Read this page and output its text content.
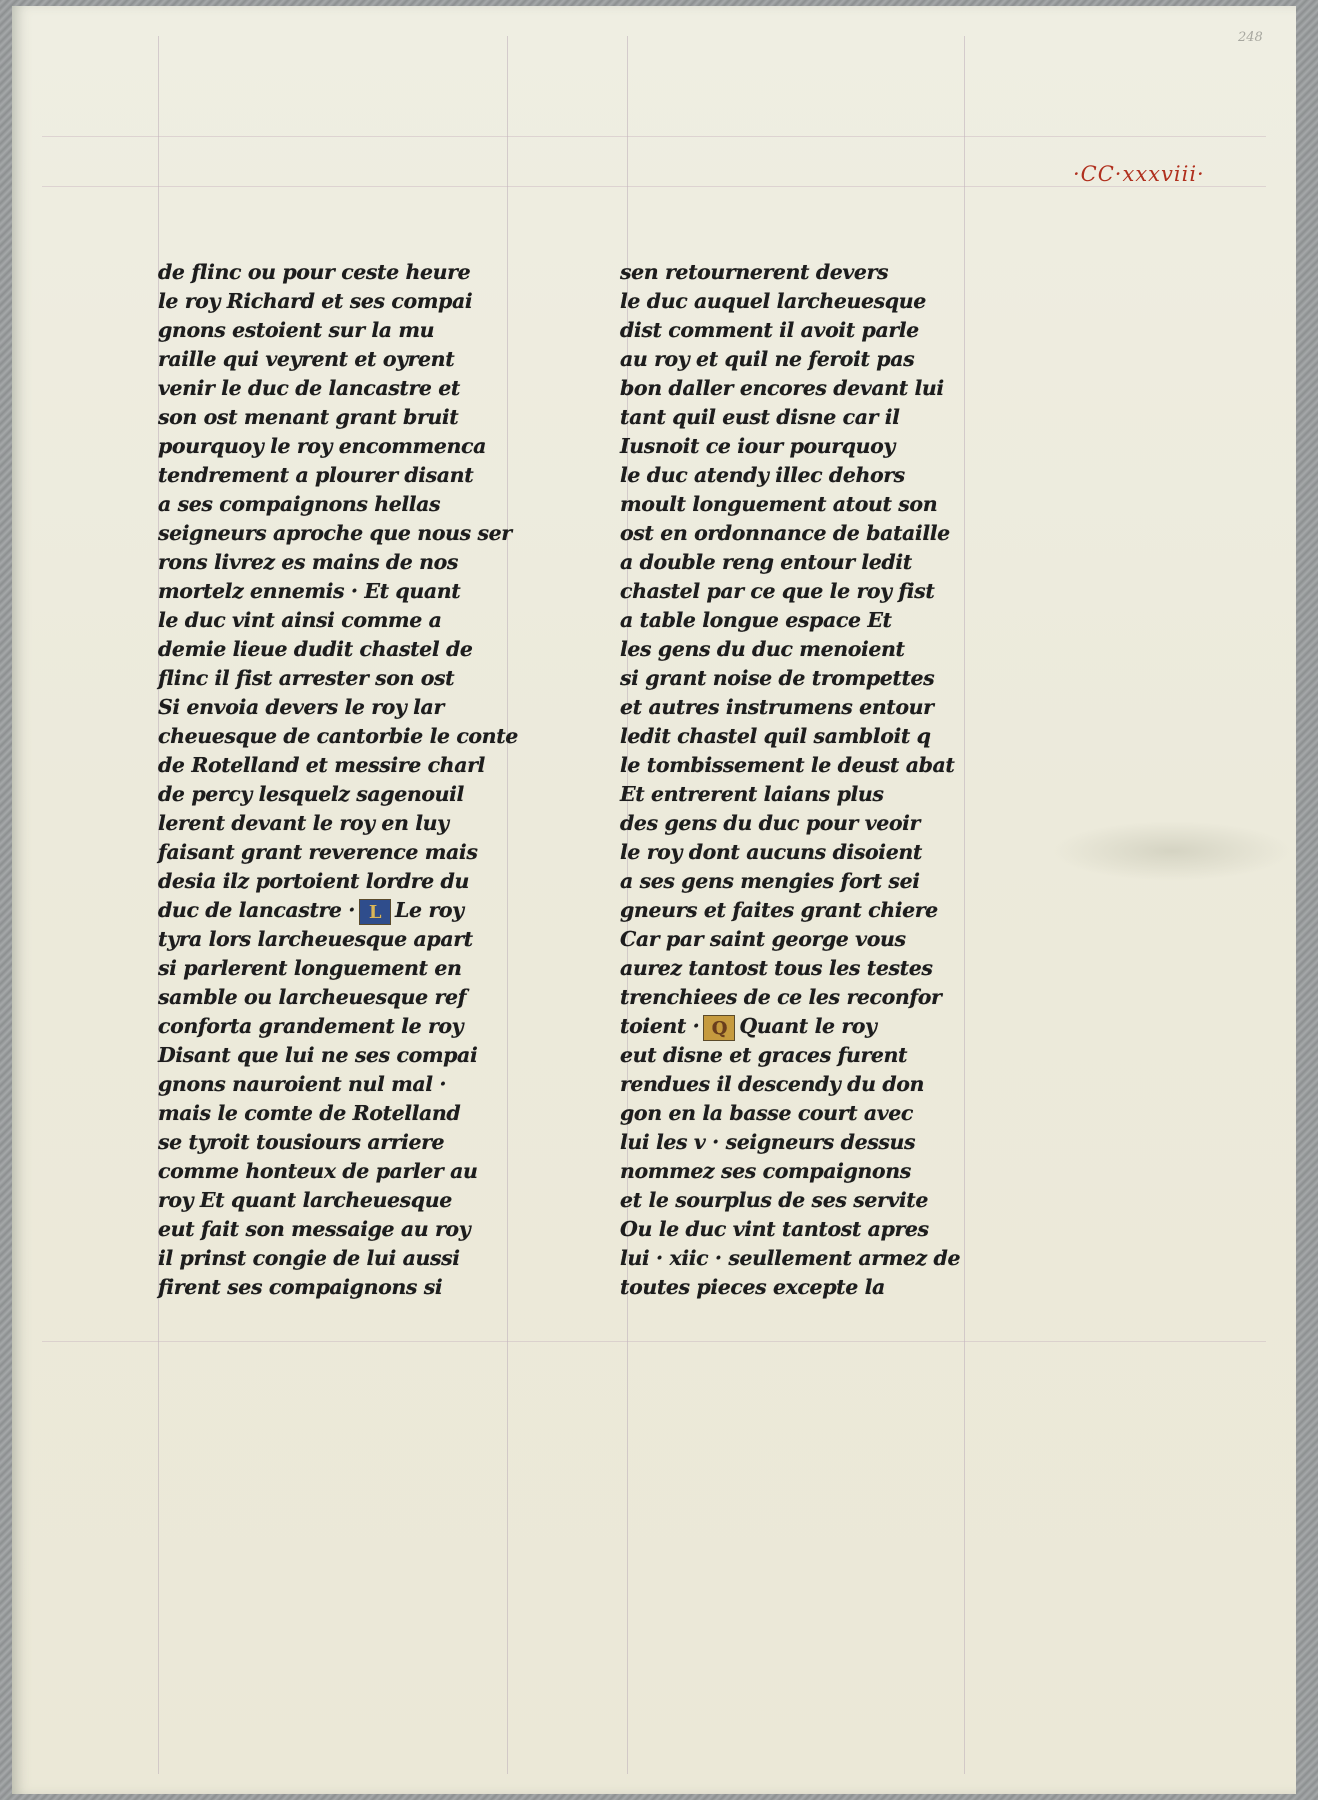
248
·CC·xxxviii·
de flinc ou pour ceste heure
le roy Richard et ses compai
gnons estoient sur la mu
raille qui veyrent et oyrent
venir le duc de lancastre et
son ost menant grant bruit
pourquoy le roy encommenca
tendrement a plourer disant
a ses compaignons hellas
seigneurs aproche que nous ser
rons livrez es mains de nos
mortelz ennemis · Et quant
le duc vint ainsi comme a
demie lieue dudit chastel de
flinc il fist arrester son ost
Si envoia devers le roy lar
cheuesque de cantorbie le conte
de Rotelland et messire charl
de percy lesquelz sagenouil
lerent devant le roy en luy
faisant grant reverence mais
desia ilz portoient lordre du
duc de lancastre · L Le roy
tyra lors larcheuesque apart
si parlerent longuement en
samble ou larcheuesque ref
conforta grandement le roy
Disant que lui ne ses compai
gnons nauroient nul mal ·
mais le comte de Rotelland
se tyroit tousiours arriere
comme honteux de parler au
roy Et quant larcheuesque
eut fait son messaige au roy
il prinst congie de lui aussi
firent ses compaignons si
sen retournerent devers
le duc auquel larcheuesque
dist comment il avoit parle
au roy et quil ne feroit pas
bon daller encores devant lui
tant quil eust disne car il
Iusnoit ce iour pourquoy
le duc atendy illec dehors
moult longuement atout son
ost en ordonnance de bataille
a double reng entour ledit
chastel par ce que le roy fist
a table longue espace Et
les gens du duc menoient
si grant noise de trompettes
et autres instrumens entour
ledit chastel quil sambloit q
le tombissement le deust abat
Et entrerent laians plus
des gens du duc pour veoir
le roy dont aucuns disoient
a ses gens mengies fort sei
gneurs et faites grant chiere
Car par saint george vous
aurez tantost tous les testes
trenchiees de ce les reconfor
toient · Q Quant le roy
eut disne et graces furent
rendues il descendy du don
gon en la basse court avec
lui les v · seigneurs dessus
nommez ses compaignons
et le sourplus de ses servite
Ou le duc vint tantost apres
lui · xiic · seullement armez de
toutes pieces excepte la
